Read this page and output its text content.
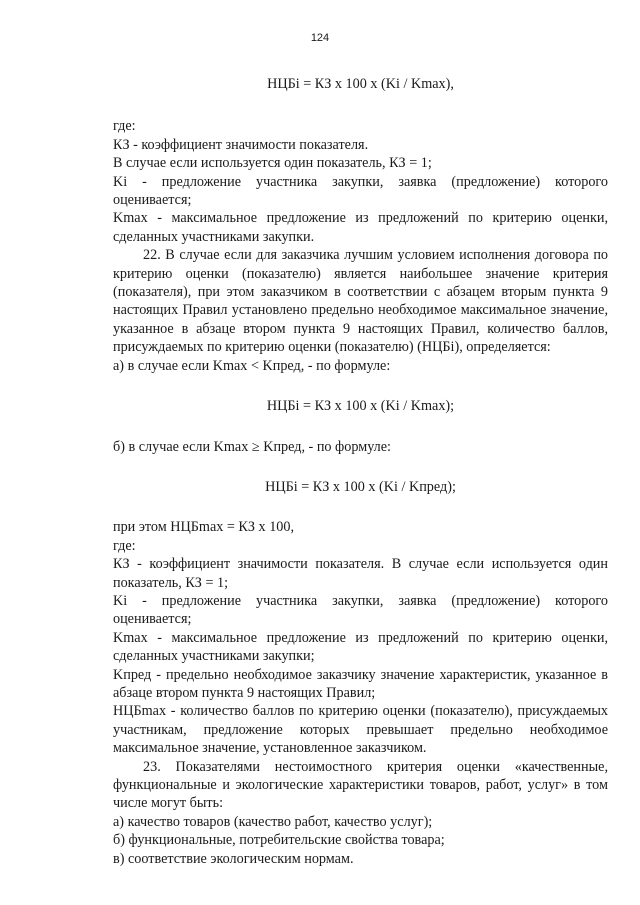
124

НЦБi = КЗ x 100 x (Ki / Kmax),

где:

КЗ - коэффициент значимости показателя.

В случае если используется один показатель, КЗ = 1;

Ki - предложение участника закупки, заявка (предложение) которого оценивается;

Kmax - максимальное предложение из предложений по критерию оценки, сделанных участниками закупки.

22. В случае если для заказчика лучшим условием исполнения договора по критерию оценки (показателю) является наибольшее значение критерия (показателя), при этом заказчиком в соответствии с абзацем вторым пункта 9 настоящих Правил установлено предельно необходимое максимальное значение, указанное в абзаце втором пункта 9 настоящих Правил, количество баллов, присуждаемых по критерию оценки (показателю) (НЦБi), определяется:

а) в случае если Kmax < Kпред, - по формуле:

НЦБi = КЗ x 100 x (Ki / Kmax);

б) в случае если Kmax ≥ Kпред, - по формуле:

НЦБi = КЗ x 100 x (Ki / Kпред);

при этом НЦБmax = КЗ x 100,

где:

КЗ - коэффициент значимости показателя. В случае если используется один показатель, КЗ = 1;

Ki - предложение участника закупки, заявка (предложение) которого оценивается;

Kmax - максимальное предложение из предложений по критерию оценки, сделанных участниками закупки;

Kпред - предельно необходимое заказчику значение характеристик, указанное в абзаце втором пункта 9 настоящих Правил;

НЦБmax - количество баллов по критерию оценки (показателю), присуждаемых участникам, предложение которых превышает предельно необходимое максимальное значение, установленное заказчиком.

23. Показателями нестоимостного критерия оценки «качественные, функциональные и экологические характеристики товаров, работ, услуг» в том числе могут быть:

а) качество товаров (качество работ, качество услуг);

б) функциональные, потребительские свойства товара;

в) соответствие экологическим нормам.
